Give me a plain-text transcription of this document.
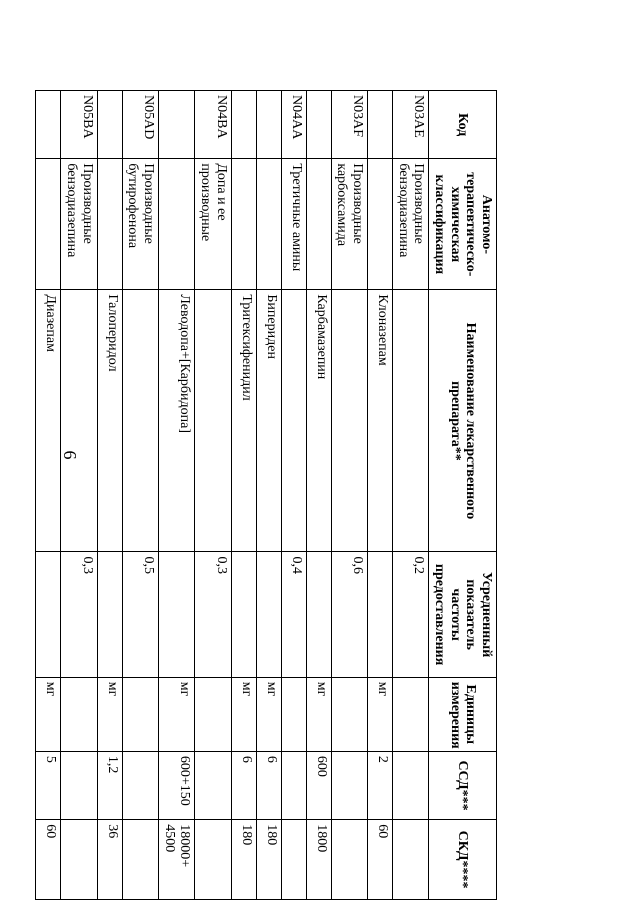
6
Код	Анатомо-терапевтическо-химическая классификация	Наименование лекарственного препарата**	Усредненный показатель частоты предоставления	Единицы измерения	ССД***	СКД****
N03AE	Производные бензодиазепина		0,2			
		Клоназепам		мг	2	60
N03AF	Производные карбоксамида		0,6			
		Карбамазепин		мг	600	1800
N04AA	Третичные амины		0,4			
		Бипериден		мг	6	180
		Тригексифенидил		мг	6	180
N04BA	Допа и ее производные		0,3			
		Леводопа+[Карбидопа]		мг	600+150	18000+ 4500
N05AD	Производные бутирофенона		0,5			
		Галоперидол		мг	1,2	36
N05BA	Производные бензодиазепина		0,3			
		Диазепам		мг	5	60
